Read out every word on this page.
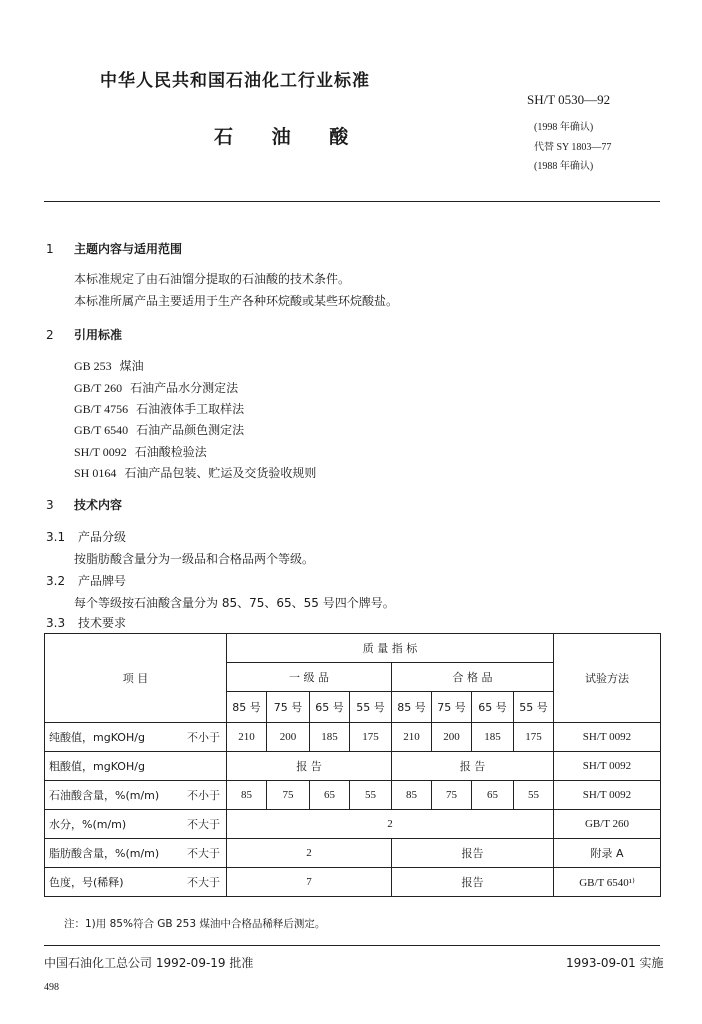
中华人民共和国石油化工行业标准
SH/T 0530—92
石 油 酸	(1998 年确认)
代替 SY 1803—77
(1988 年确认)
1 主题内容与适用范围
本标准规定了由石油馏分提取的石油酸的技术条件。
本标准所属产品主要适用于生产各种环烷酸或某些环烷酸盐。
2 引用标准
GB 253 煤油
GB/T 260 石油产品水分测定法
GB/T 4756 石油液体手工取样法
GB/T 6540 石油产品颜色测定法
SH/T 0092 石油酸检验法
SH 0164 石油产品包装、贮运及交货验收规则
3 技术内容
3.1 产品分级
按脂肪酸含量分为一级品和合格品两个等级。
3.2 产品牌号
每个等级按石油酸含量分为 85、75、65、55 号四个牌号。
3.3 技术要求
项 目	质 量 指 标								试验方法
	一 级 品				合 格 品				
	85 号	75 号	65 号	55 号	85 号	75 号	65 号	55 号	
纯酸值，mgKOH/g 不小于	210	200	185	175	210	200	185	175	SH/T 0092
粗酸值，mgKOH/g	报 告				报 告				SH/T 0092
石油酸含量，%(m/m) 不小于	85	75	65	55	85	75	65	55	SH/T 0092
水分，%(m/m) 不大于	2								GB/T 260
脂肪酸含量，%(m/m) 不大于	2				报告				附录 A
色度，号(稀释) 不大于	7				报告				GB/T 6540¹⁾
注：1)用 85%符合 GB 253 煤油中合格品稀释后测定。
中国石油化工总公司 1992-09-19 批准	1993-09-01 实施
498
